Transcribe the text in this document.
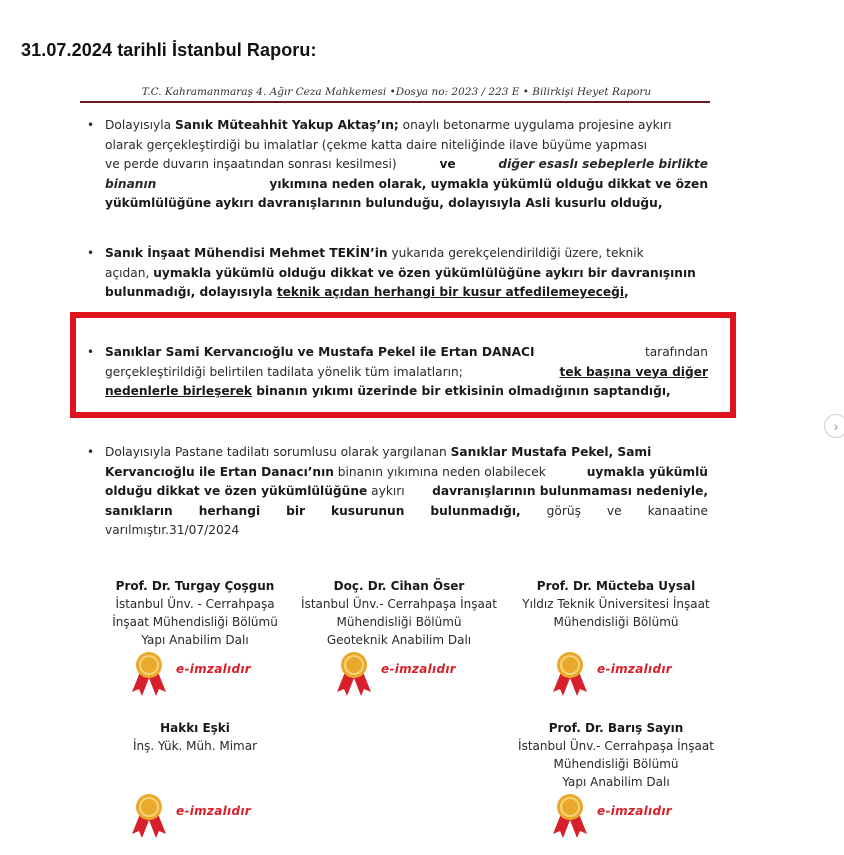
31.07.2024 tarihli İstanbul Raporu:
T.C. Kahramanmaraş 4. Ağır Ceza Mahkemesi •Dosya no: 2023 / 223 E • Bilirkişi Heyet Raporu
• Dolayısıyla Sanık Müteahhit Yakup Aktaş’ın; onaylı betonarme uygulama projesine aykırı
olarak gerçekleştirdiği bu imalatlar (çekme katta daire niteliğinde ilave büyüme yapması
ve perde duvarın inşaatından sonrası kesilmesi)	ve	diğer esaslı sebeplerle birlikte
binanın	yıkımına neden olarak, uymakla yükümlü olduğu dikkat ve özen
yükümlülüğüne aykırı davranışlarının bulunduğu, dolayısıyla Asli kusurlu olduğu,
• Sanık İnşaat Mühendisi Mehmet TEKİN’in yukarıda gerekçelendirildiği üzere, teknik
açıdan, uymakla yükümlü olduğu dikkat ve özen yükümlülüğüne aykırı bir davranışının
bulunmadığı, dolayısıyla teknik açıdan herhangi bir kusur atfedilemeyeceği,
• Sanıklar Sami Kervancıoğlu ve Mustafa Pekel ile Ertan DANACI	tarafından
gerçekleştirildiği belirtilen tadilata yönelik tüm imalatların;	tek başına veya diğer
nedenlerle birleşerek binanın yıkımı üzerinde bir etkisinin olmadığının saptandığı,
• Dolayısıyla Pastane tadilatı sorumlusu olarak yargılanan Sanıklar Mustafa Pekel, Sami
Kervancıoğlu ile Ertan Danacı’nın binanın yıkımına neden olabilecek	uymakla yükümlü
olduğu dikkat ve özen yükümlülüğüne aykırı davranışlarının bulunmaması nedeniyle,
sanıkların herhangi bir kusurunun bulunmadığı, görüş ve kanaatine
varılmıştır.31/07/2024
Prof. Dr. Turgay Çoşgun
İstanbul Ünv. - Cerrahpaşa
İnşaat Mühendisliği Bölümü
Yapı Anabilim Dalı
Doç. Dr. Cihan Öser
İstanbul Ünv.- Cerrahpaşa İnşaat
Mühendisliği Bölümü
Geoteknik Anabilim Dalı
Prof. Dr. Mücteba Uysal
Yıldız Teknik Üniversitesi İnşaat
Mühendisliği Bölümü
Hakkı Eşki
İnş. Yük. Müh. Mimar
Prof. Dr. Barış Sayın
İstanbul Ünv.- Cerrahpaşa İnşaat
Mühendisliği Bölümü
Yapı Anabilim Dalı
e-imzalıdır	e-imzalıdır	e-imzalıdır
e-imzalıdır	e-imzalıdır
›
